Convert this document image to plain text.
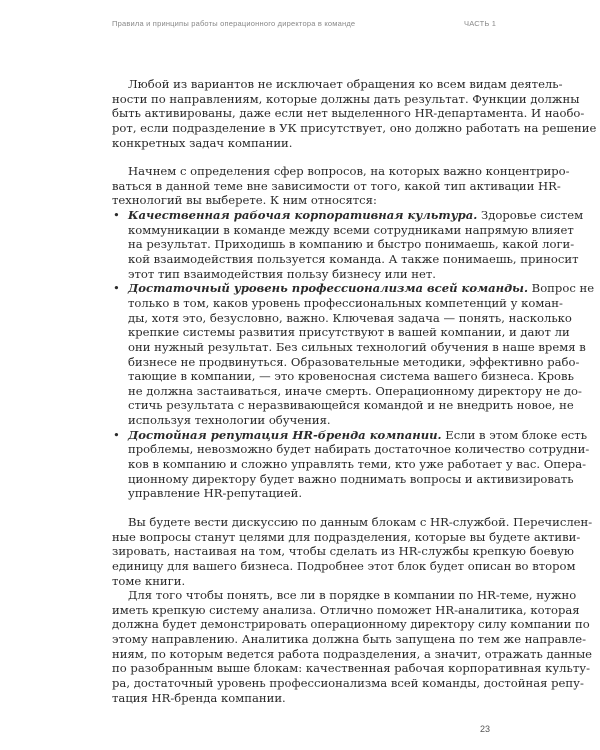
Правила и принципы работы операционного директора в команде	ЧАСТЬ 1
Любой из вариантов не исключает обращения ко всем видам деятель-
ности по направлениям, которые должны дать результат. Функции должны
быть активированы, даже если нет выделенного HR-департамента. И наобо-
рот, если подразделение в УК присутствует, оно должно работать на решение
конкретных задач компании.
Начнем с определения сфер вопросов, на которых важно концентриро-
ваться в данной теме вне зависимости от того, какой тип активации HR-
технологий вы выберете. К ним относятся:
• Качественная рабочая корпоративная культура. Здоровье систем
коммуникации в команде между всеми сотрудниками напрямую влияет
на результат. Приходишь в компанию и быстро понимаешь, какой логи-
кой взаимодействия пользуется команда. А также понимаешь, приносит
этот тип взаимодействия пользу бизнесу или нет.
• Достаточный уровень профессионализма всей команды. Вопрос не
только в том, каков уровень профессиональных компетенций у коман-
ды, хотя это, безусловно, важно. Ключевая задача — понять, насколько
крепкие системы развития присутствуют в вашей компании, и дают ли
они нужный результат. Без сильных технологий обучения в наше время в
бизнесе не продвинуться. Образовательные методики, эффективно рабо-
тающие в компании, — это кровеносная система вашего бизнеса. Кровь
не должна застаиваться, иначе смерть. Операционному директору не до-
стичь результата с неразвивающейся командой и не внедрить новое, не
используя технологии обучения.
• Достойная репутация HR-бренда компании. Если в этом блоке есть
проблемы, невозможно будет набирать достаточное количество сотрудни-
ков в компанию и сложно управлять теми, кто уже работает у вас. Опера-
ционному директору будет важно поднимать вопросы и активизировать
управление HR-репутацией.
Вы будете вести дискуссию по данным блокам с HR-службой. Перечислен-
ные вопросы станут целями для подразделения, которые вы будете активи-
зировать, настаивая на том, чтобы сделать из HR-службы крепкую боевую
единицу для вашего бизнеса. Подробнее этот блок будет описан во втором
томе книги.
Для того чтобы понять, все ли в порядке в компании по HR-теме, нужно
иметь крепкую систему анализа. Отлично поможет HR-аналитика, которая
должна будет демонстрировать операционному директору силу компании по
этому направлению. Аналитика должна быть запущена по тем же направле-
ниям, по которым ведется работа подразделения, а значит, отражать данные
по разобранным выше блокам: качественная рабочая корпоративная культу-
ра, достаточный уровень профессионализма всей команды, достойная репу-
тация HR-бренда компании.
23
